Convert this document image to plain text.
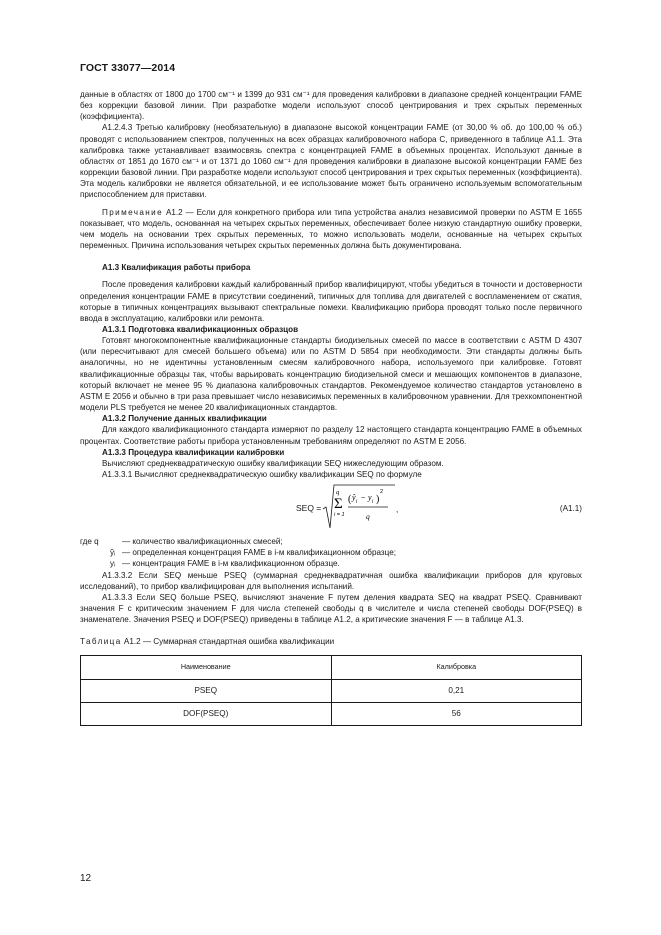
ГОСТ 33077—2014

данные в областях от 1800 до 1700 см⁻¹ и 1399 до 931 см⁻¹ для проведения калибровки в диапазоне средней концентрации FAME без коррекции базовой линии. При разработке модели используют способ центрирования и трех скрытых переменных (коэффициента).

А1.2.4.3 Третью калибровку (необязательную) в диапазоне высокой концентрации FAME (от 30,00 % об. до 100,00 % об.) проводят с использованием спектров, полученных на всех образцах калибровочного набора С, приведенного в таблице А1.1. Эта калибровка также устанавливает взаимосвязь спектра с концентрацией FAME в объемных процентах. Используют данные в областях от 1851 до 1670 см⁻¹ и от 1371 до 1060 см⁻¹ для проведения калибровки в диапазоне высокой концентрации FAME без коррекции базовой линии. При разработке модели используют способ центрирования и трех скрытых переменных (коэффициента). Эта модель калибровки не является обязательной, и ее использование может быть ограничено используемым вспомогательным приспособлением для приставки.

Примечание А1.2 — Если для конкретного прибора или типа устройства анализ независимой проверки по ASTM E 1655 показывает, что модель, основанная на четырех скрытых переменных, обеспечивает более низкую стандартную ошибку проверки, чем модель на основании трех скрытых переменных, то можно использовать модели, основанные на четырех скрытых переменных. Причина использования четырех скрытых переменных должна быть документирована.

А1.3 Квалификация работы прибора

После проведения калибровки каждый калиброванный прибор квалифицируют, чтобы убедиться в точности и достоверности определения концентрации FAME в присутствии соединений, типичных для топлива для двигателей с воспламенением от сжатия, которые в типичных концентрациях вызывают спектральные помехи. Квалификацию прибора проводят только после первичного ввода в эксплуатацию, калибровки или ремонта.

А1.3.1 Подготовка квалификационных образцов

Готовят многокомпонентные квалификационные стандарты биодизельных смесей по массе в соответствии с ASTM D 4307 (или пересчитывают для смесей большего объема) или по ASTM D 5854 при необходимости. Эти стандарты должны быть аналогичны, но не идентичны установленным смесям калибровочного набора, используемого при калибровке. Готовят квалификационные образцы так, чтобы варьировать концентрацию биодизельной смеси и мешающих компонентов в диапазоне, который включает не менее 95 % диапазона калибровочных стандартов. Рекомендуемое количество стандартов установлено в ASTM E 2056 и обычно в три раза превышает число независимых переменных в калибровочном уравнении. Для трехкомпонентной модели PLS требуется не менее 20 квалификационных стандартов.

А1.3.2 Получение данных квалификации

Для каждого квалификационного стандарта измеряют по разделу 12 настоящего стандарта концентрацию FAME в объемных процентах. Соответствие работы прибора установленным требованиям определяют по ASTM E 2056.

А1.3.3 Процедура квалификации калибровки

Вычисляют среднеквадратическую ошибку квалификации SEQ нижеследующим образом.

А1.3.3.1 Вычисляют среднеквадратическую ошибку квалификации SEQ по формуле

SEQ =
q
Σ
i = 1
( ŷ i − y i )
2
q
,	(А1.1)

где q	— количество квалификационных смесей;

ŷᵢ — определенная концентрация FAME в i-м квалификационном образце;

yᵢ — концентрация FAME в i-м квалификационном образце.

А1.3.3.2 Если SEQ меньше PSEQ (суммарная среднеквадратичная ошибка квалификации приборов для круговых исследований), то прибор квалифицирован для выполнения испытаний.

А1.3.3.3 Если SEQ больше PSEQ, вычисляют значение F путем деления квадрата SEQ на квадрат PSEQ. Сравнивают значения F с критическим значением F для числа степеней свободы q в числителе и числа степеней свободы DOF(PSEQ) в знаменателе. Значения PSEQ и DOF(PSEQ) приведены в таблице А1.2, а критические значения F — в таблице А1.3.

Таблица А1.2 — Суммарная стандартная ошибка квалификации

Наименование	Калибровка
PSEQ	0,21
DOF(PSEQ)	56
12
